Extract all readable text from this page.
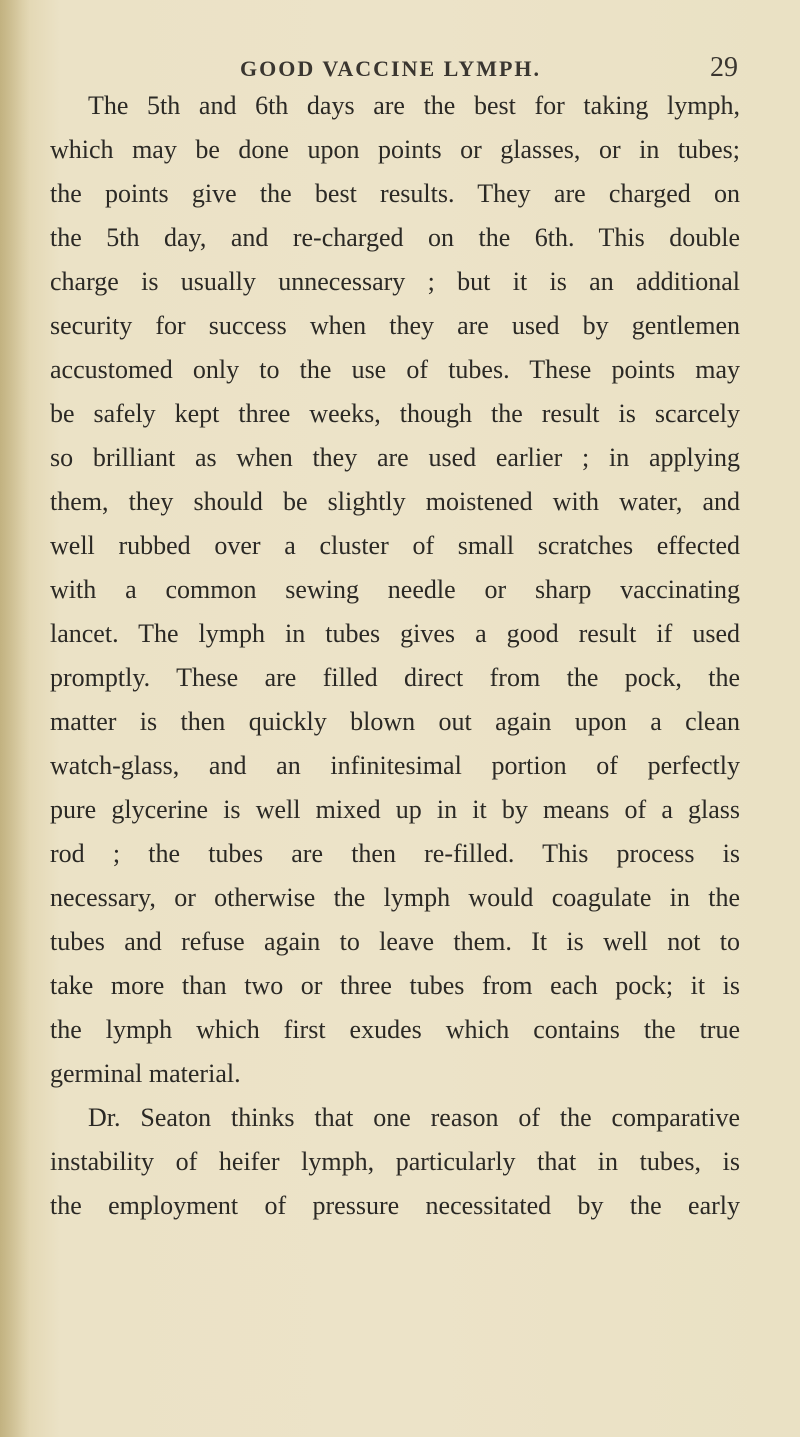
GOOD VACCINE LYMPH.	29
The 5th and 6th days are the best for taking lymph,
which may be done upon points or glasses, or in tubes;
the points give the best results. They are charged on
the 5th day, and re-charged on the 6th. This double
charge is usually unnecessary ; but it is an additional
security for success when they are used by gentlemen
accustomed only to the use of tubes. These points may
be safely kept three weeks, though the result is scarcely
so brilliant as when they are used earlier ; in applying
them, they should be slightly moistened with water, and
well rubbed over a cluster of small scratches effected
with a common sewing needle or sharp vaccinating
lancet. The lymph in tubes gives a good result if used
promptly. These are filled direct from the pock, the
matter is then quickly blown out again upon a clean
watch-glass, and an infinitesimal portion of perfectly
pure glycerine is well mixed up in it by means of a glass
rod ; the tubes are then re-filled. This process is
necessary, or otherwise the lymph would coagulate in the
tubes and refuse again to leave them. It is well not to
take more than two or three tubes from each pock; it is
the lymph which first exudes which contains the true
germinal material.
Dr. Seaton thinks that one reason of the comparative
instability of heifer lymph, particularly that in tubes, is
the employment of pressure necessitated by the early
